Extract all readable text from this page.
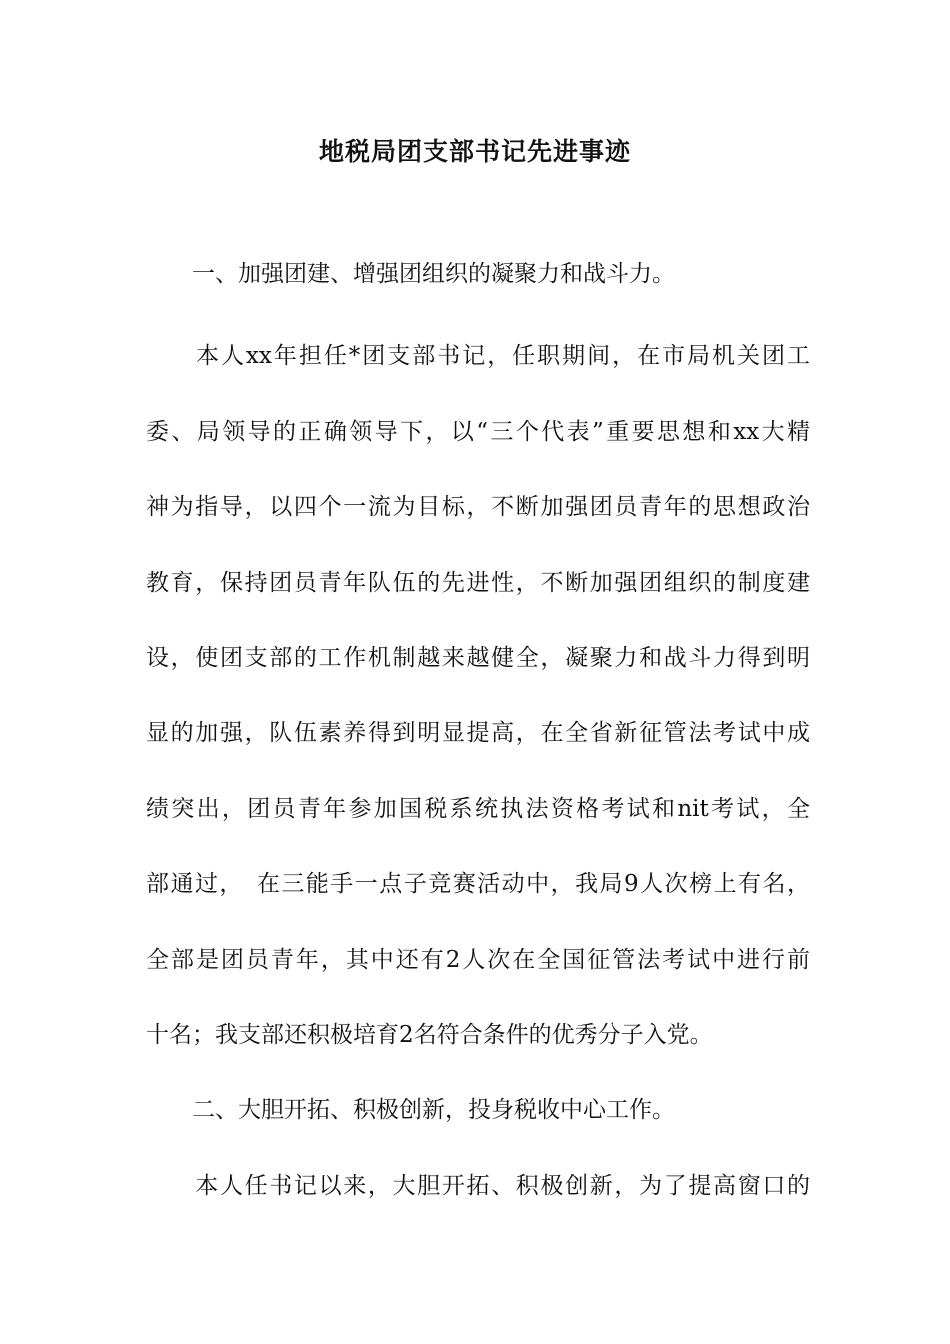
地税局团支部书记先进事迹

　　一、加强团建、增强团组织的凝聚力和战斗力。

　　本人xx年担任*团支部书记，任职期间，在市局机关团工

委、局领导的正确领导下，以“三个代表”重要思想和xx大精

神为指导，以四个一流为目标，不断加强团员青年的思想政治

教育，保持团员青年队伍的先进性，不断加强团组织的制度建

设，使团支部的工作机制越来越健全，凝聚力和战斗力得到明

显的加强，队伍素养得到明显提高，在全省新征管法考试中成

绩突出，团员青年参加国税系统执法资格考试和nit考试，全

部通过，　在三能手一点子竞赛活动中，我局9人次榜上有名，

全部是团员青年，其中还有2人次在全国征管法考试中进行前

十名；我支部还积极培育2名符合条件的优秀分子入党。

　　二、大胆开拓、积极创新，投身税收中心工作。

　　本人任书记以来，大胆开拓、积极创新，为了提高窗口的
